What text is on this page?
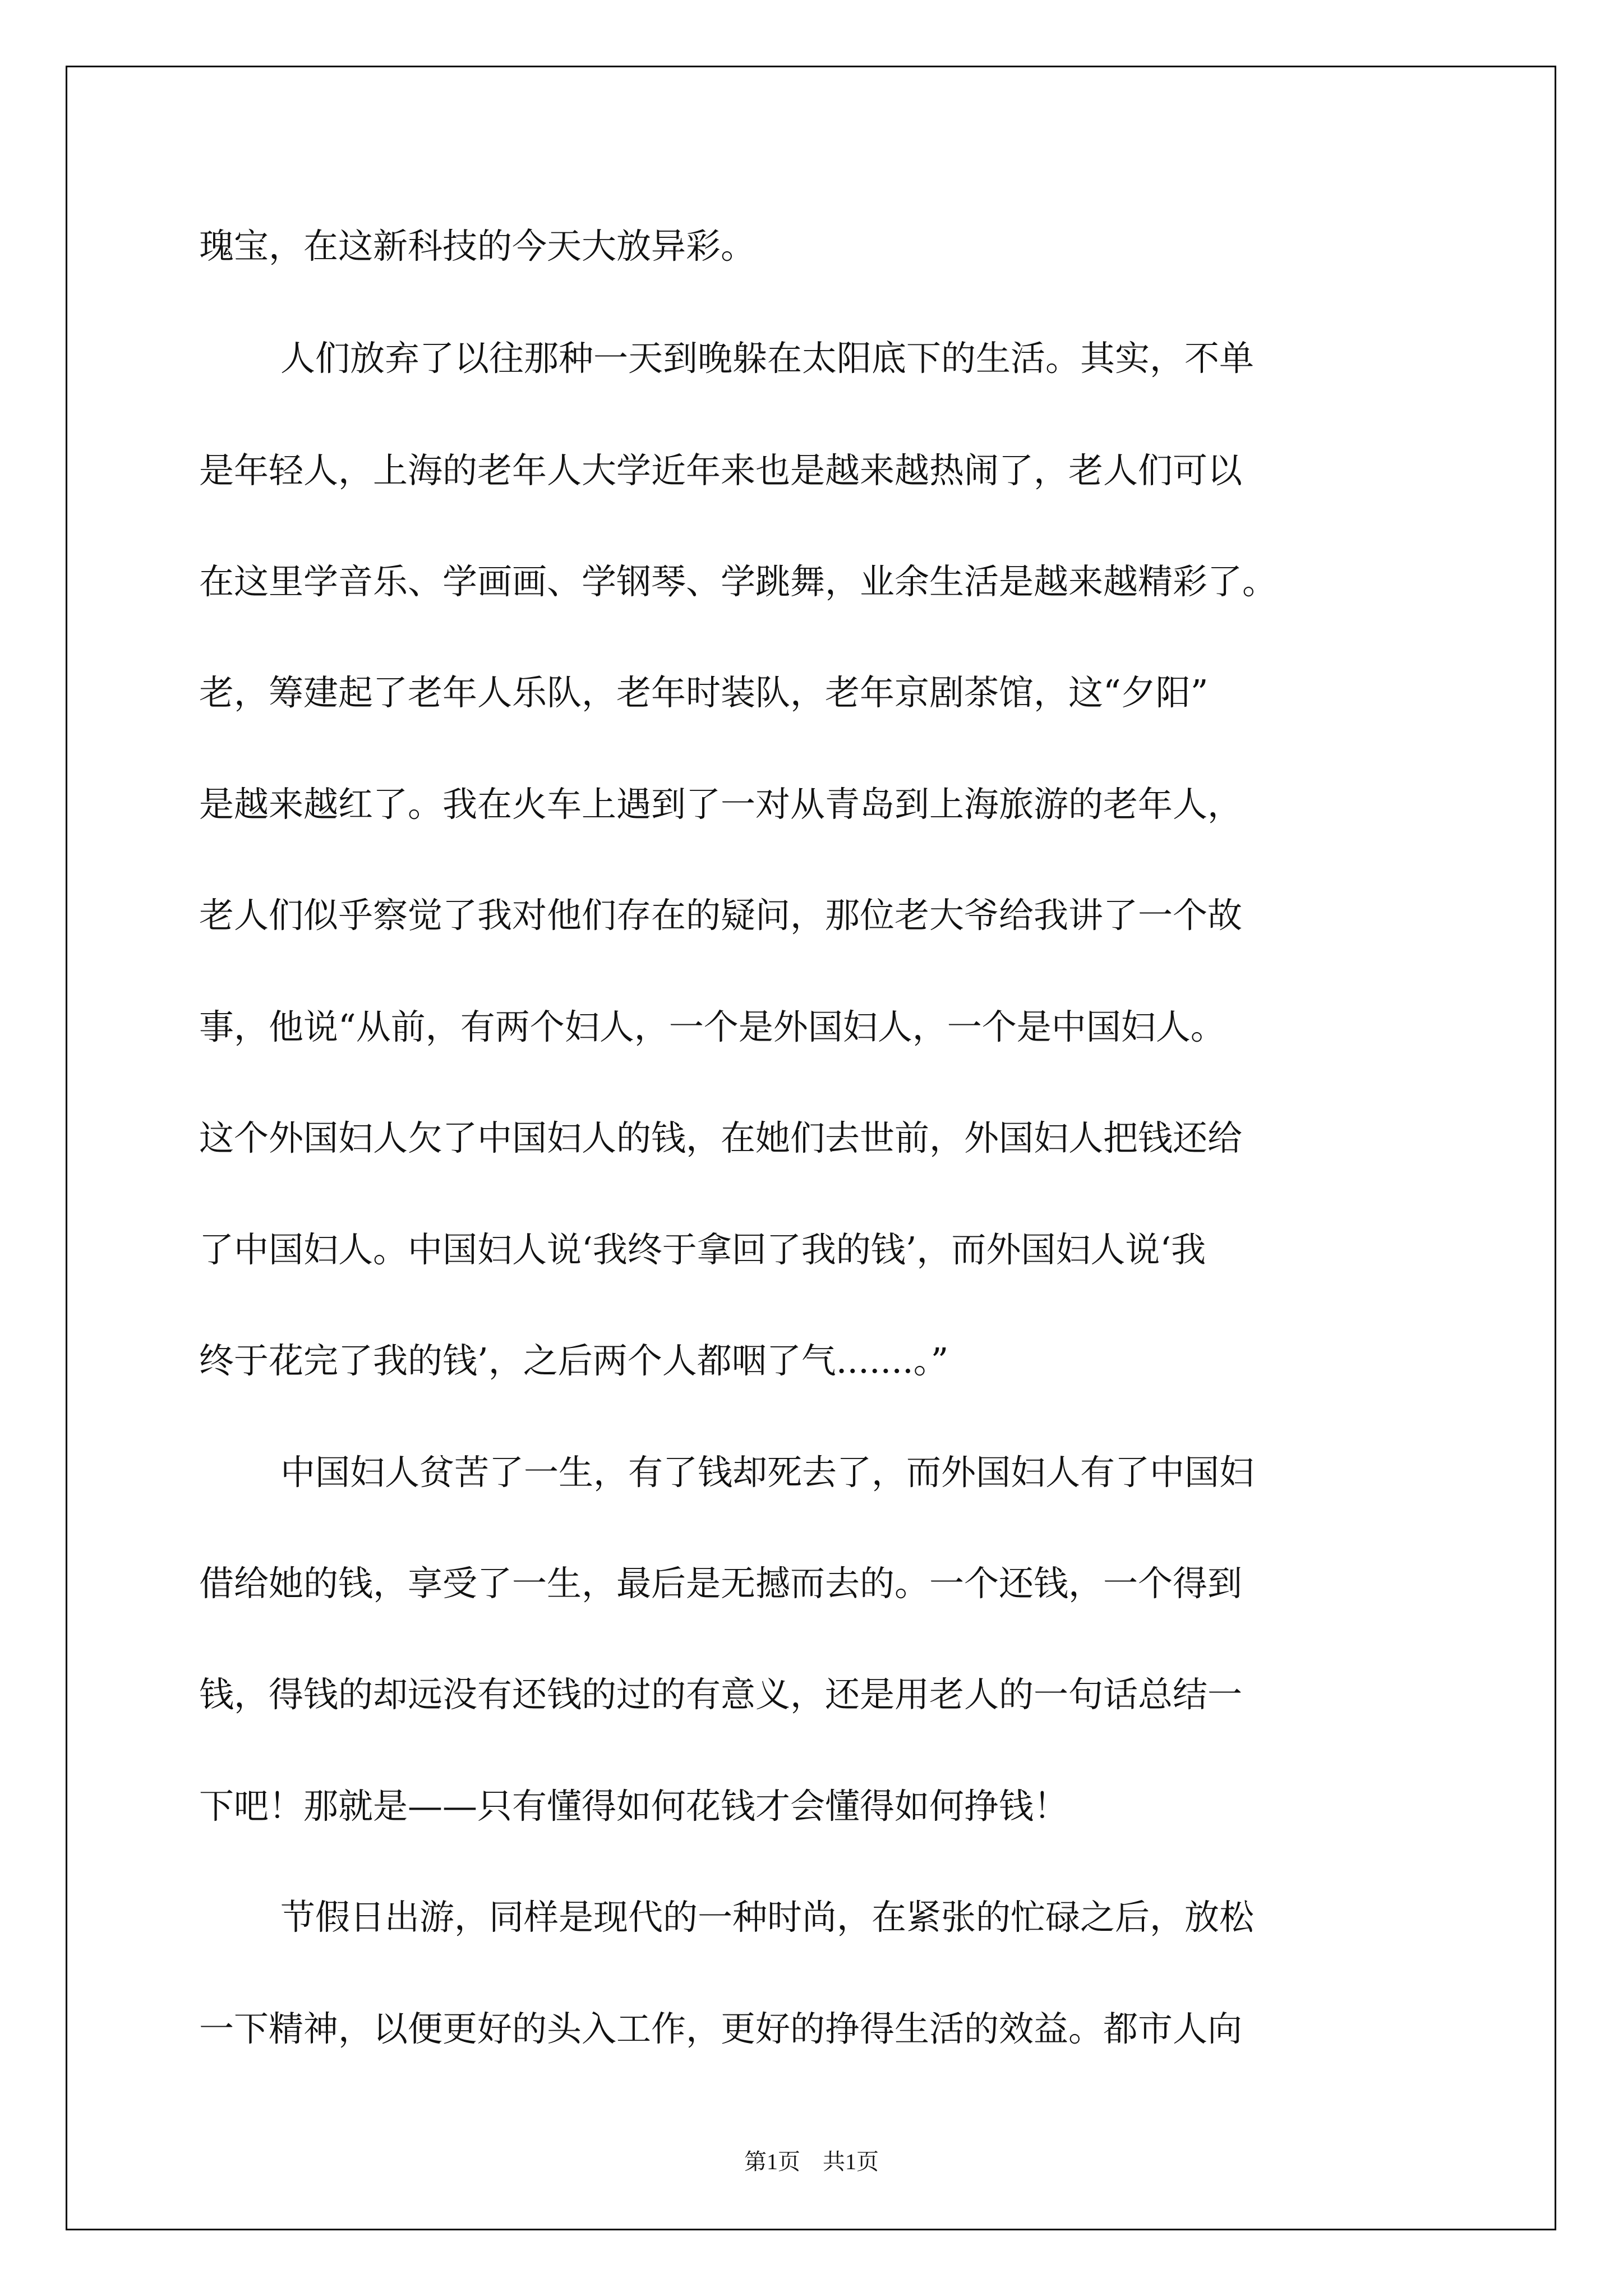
瑰宝，在这新科技的今天大放异彩。
人们放弃了以往那种一天到晚躲在太阳底下的生活。其实，不单
是年轻人，上海的老年人大学近年来也是越来越热闹了，老人们可以
在这里学音乐、学画画、学钢琴、学跳舞，业余生活是越来越精彩了。
老，筹建起了老年人乐队，老年时装队，老年京剧茶馆，这“夕阳”
是越来越红了。我在火车上遇到了一对从青岛到上海旅游的老年人，
老人们似乎察觉了我对他们存在的疑问，那位老大爷给我讲了一个故
事，他说“从前，有两个妇人，一个是外国妇人，一个是中国妇人。
这个外国妇人欠了中国妇人的钱，在她们去世前，外国妇人把钱还给
了中国妇人。中国妇人说‘我终于拿回了我的钱’，而外国妇人说‘我
终于花完了我的钱’，之后两个人都咽了气.......。”
中国妇人贫苦了一生，有了钱却死去了，而外国妇人有了中国妇
借给她的钱，享受了一生，最后是无撼而去的。一个还钱，一个得到
钱，得钱的却远没有还钱的过的有意义，还是用老人的一句话总结一
下吧！那就是——只有懂得如何花钱才会懂得如何挣钱！
节假日出游，同样是现代的一种时尚，在紧张的忙碌之后，放松
一下精神，以便更好的头入工作，更好的挣得生活的效益。都市人向
第1页　共1页
